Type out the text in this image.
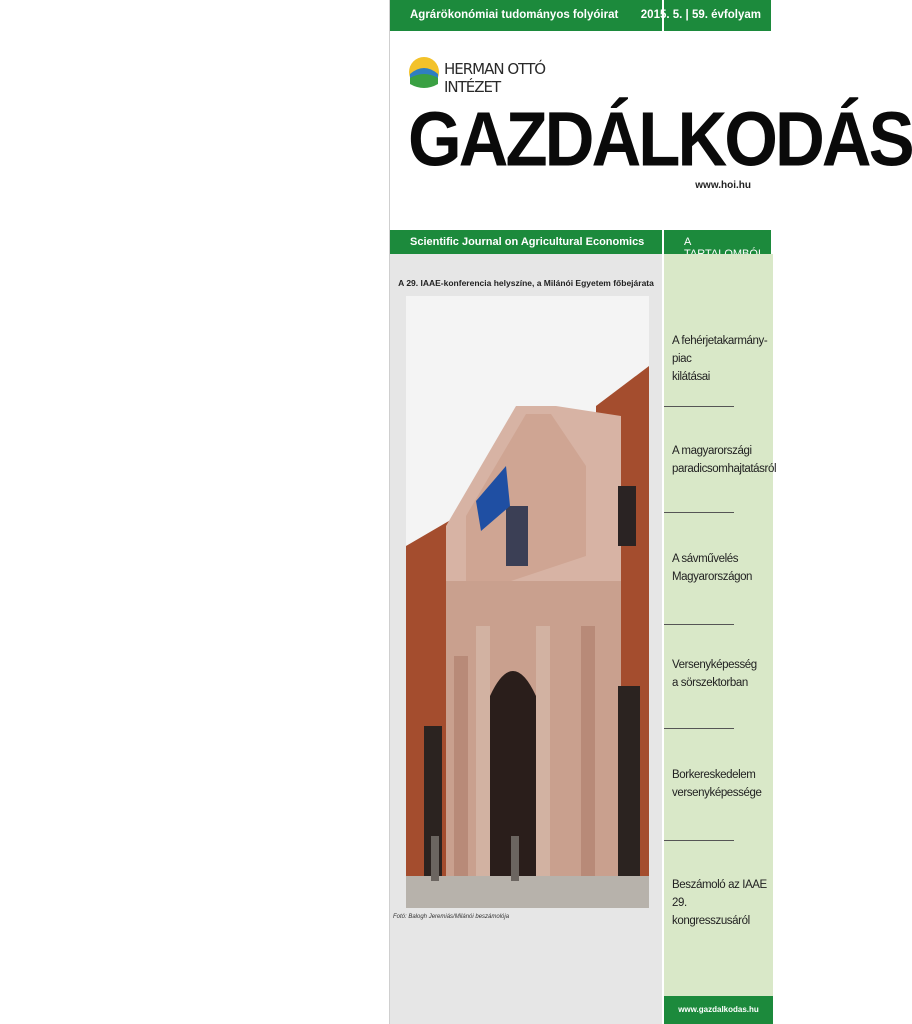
Agrárökonómiai tudományos folyóirat 2015. 5. | 59. évfolyam
HERMAN OTTÓ INTÉZET
GAZDÁLKODÁS
www.hoi.hu
Scientific Journal on Agricultural Economics	A
A 29. IAAE-konferencia helyszíne, a Milánói Egyetem főbejárata
Fotó: Balogh Jeremiás/Milánói beszámolója
A fehérjetakarmány-piac
kilátásai
A magyarországi
paradicsomhajtatásról
A sávművelés
Magyarországon
Versenyképesség
a sörszektorban
Borkereskedelem
versenyképessége
Beszámoló az IAAE 29.
kongresszusáról
www.gazdalkodas.hu
